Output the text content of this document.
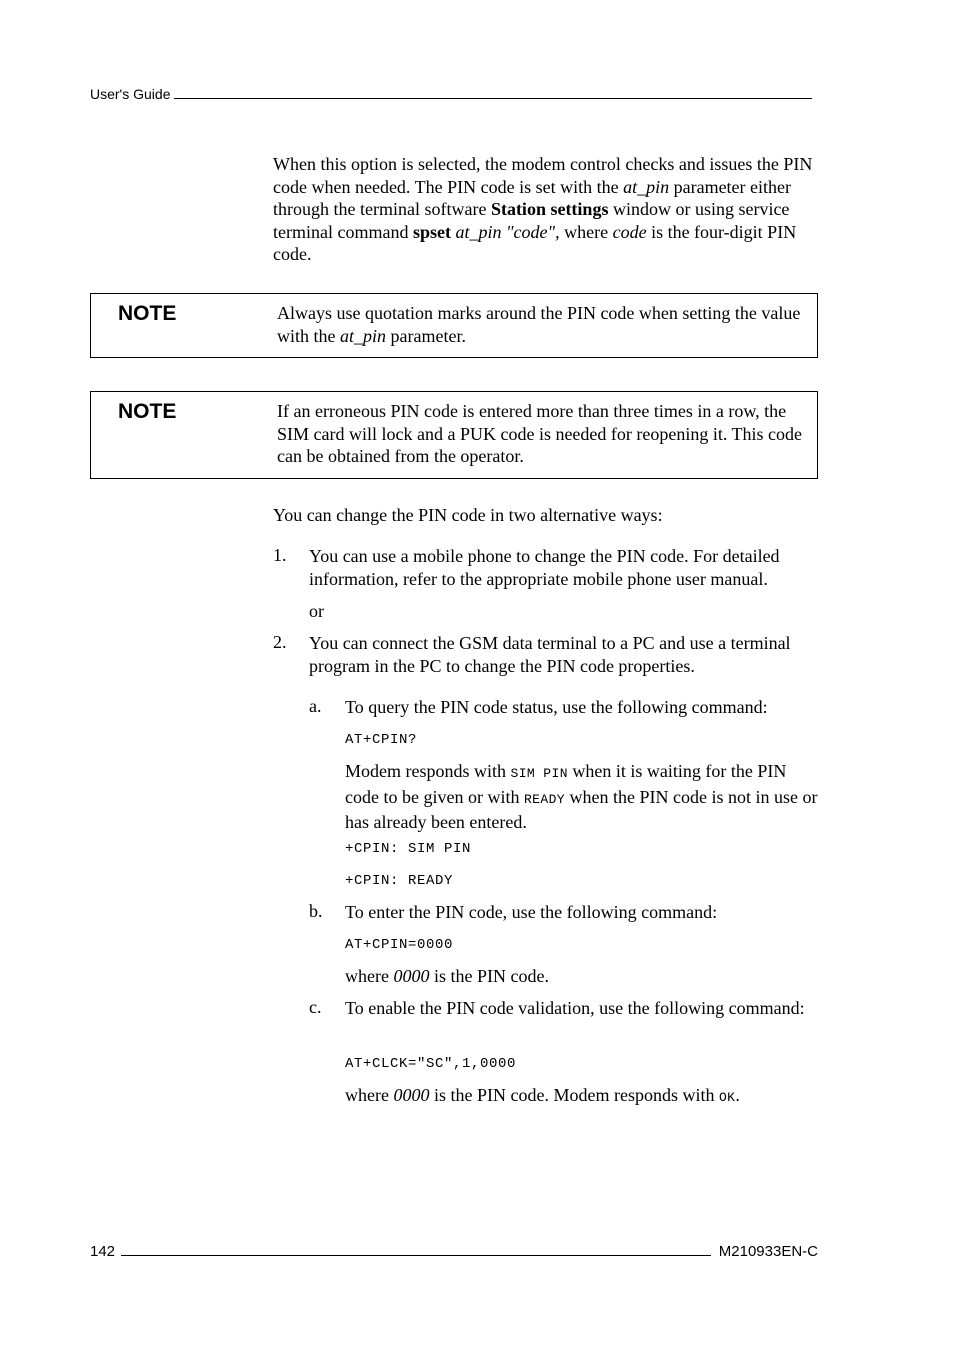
User's Guide

When this option is selected, the modem control checks and issues the PIN code when needed. The PIN code is set with the at_pin parameter either through the terminal software Station settings window or using service terminal command spset at_pin "code", where code is the four-digit PIN code.

NOTE	Always use quotation marks around the PIN code when setting the value with the at_pin parameter.

NOTE	If an erroneous PIN code is entered more than three times in a row, the SIM card will lock and a PUK code is needed for reopening it. This code can be obtained from the operator.

You can change the PIN code in two alternative ways:

1. You can use a mobile phone to change the PIN code. For detailed information, refer to the appropriate mobile phone user manual.

or

2. You can connect the GSM data terminal to a PC and use a terminal program in the PC to change the PIN code properties.

a. To query the PIN code status, use the following command:

AT+CPIN?

Modem responds with SIM PIN when it is waiting for the PIN code to be given or with READY when the PIN code is not in use or has already been entered.

+CPIN: SIM PIN
+CPIN: READY
b. To enter the PIN code, use the following command:

AT+CPIN=0000

where 0000 is the PIN code.

c. To enable the PIN code validation, use the following command:

AT+CLCK="SC",1,0000

where 0000 is the PIN code. Modem responds with OK.

142	M210933EN-C
